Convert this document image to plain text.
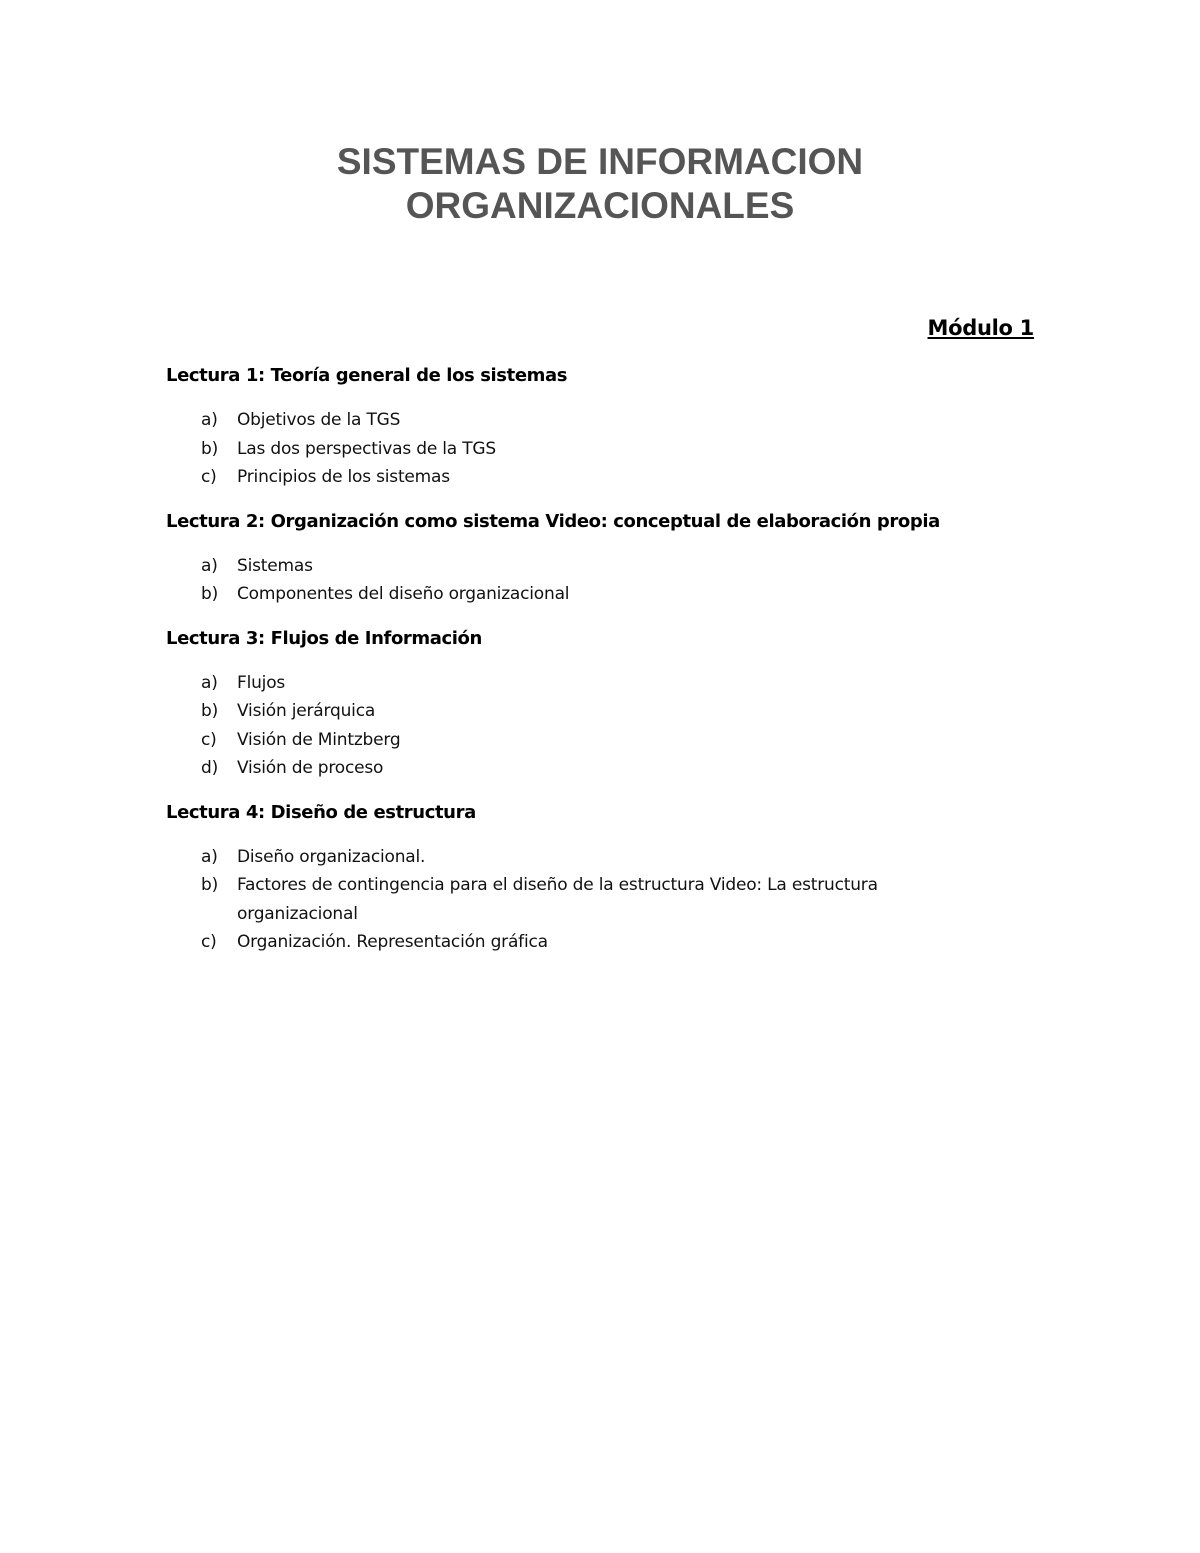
SISTEMAS DE INFORMACION
ORGANIZACIONALES
Módulo 1
Lectura 1: Teoría general de los sistemas
a) Objetivos de la TGS
b) Las dos perspectivas de la TGS
c) Principios de los sistemas
Lectura 2: Organización como sistema Video: conceptual de elaboración propia
a) Sistemas
b) Componentes del diseño organizacional
Lectura 3: Flujos de Información
a) Flujos
b) Visión jerárquica
c) Visión de Mintzberg
d) Visión de proceso
Lectura 4: Diseño de estructura
a) Diseño organizacional.
b) Factores de contingencia para el diseño de la estructura Video: La estructura organizacional
c) Organización. Representación gráfica
